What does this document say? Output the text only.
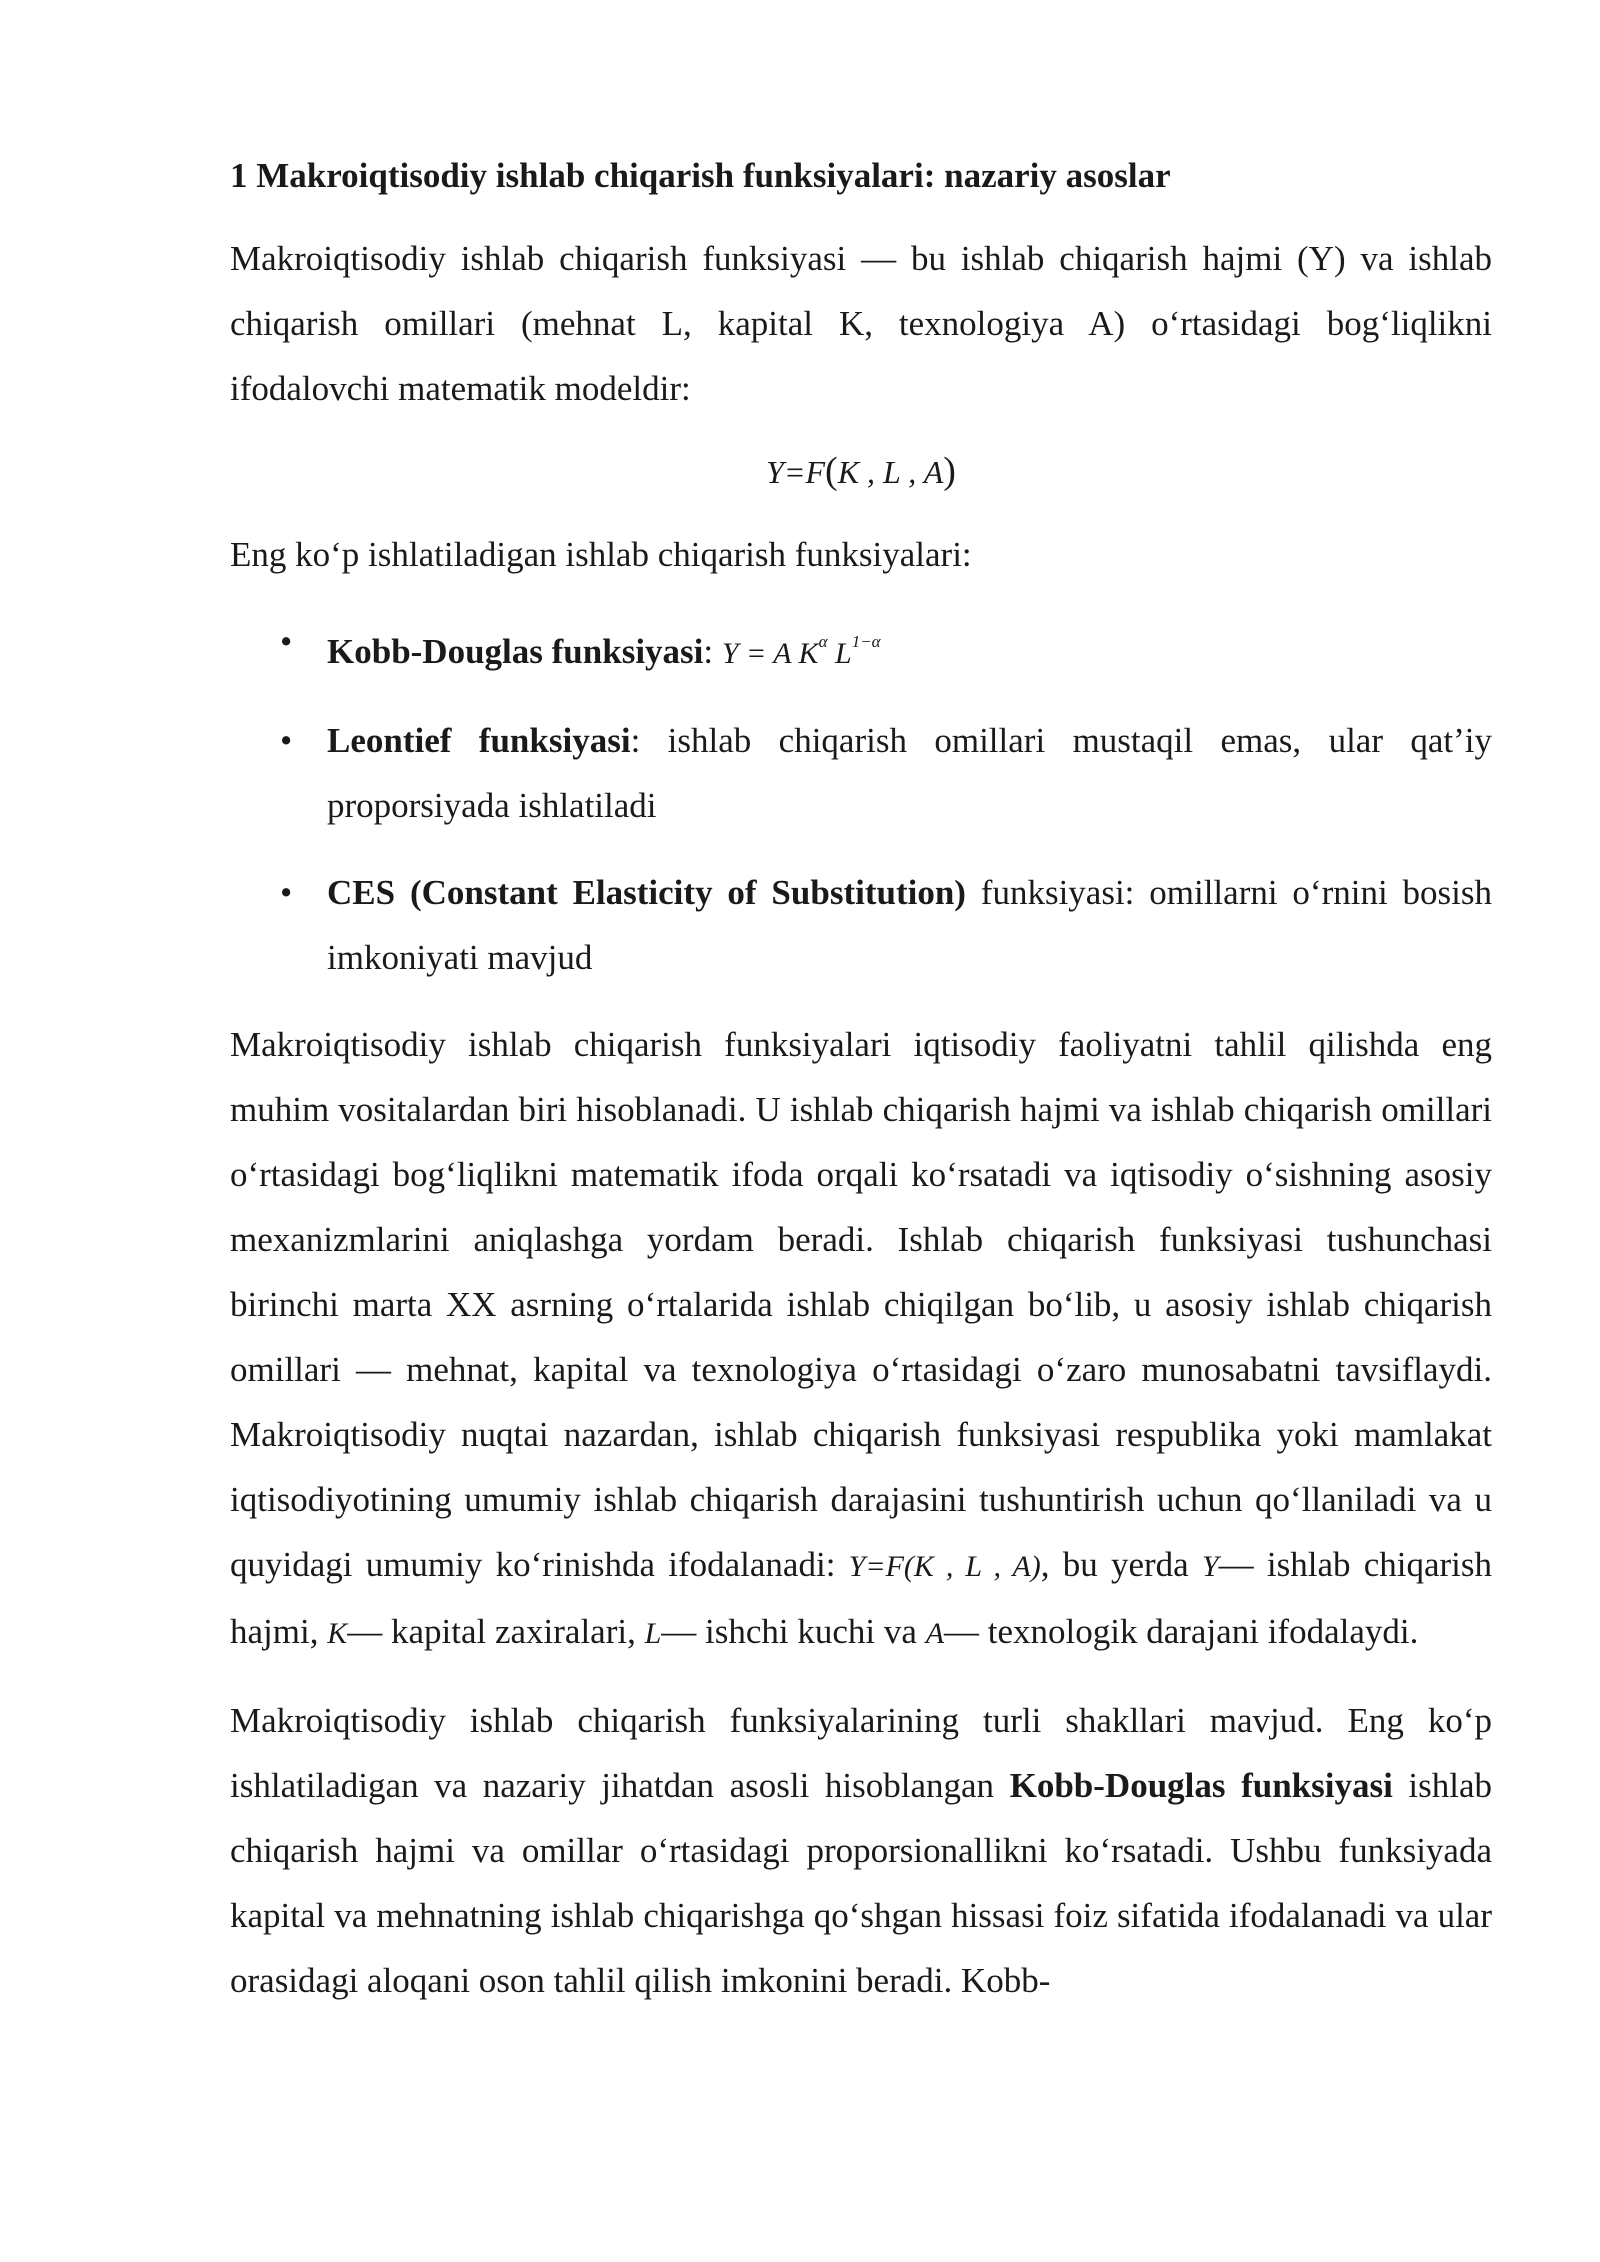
1 Makroiqtisodiy ishlab chiqarish funksiyalari: nazariy asoslar

Makroiqtisodiy ishlab chiqarish funksiyasi — bu ishlab chiqarish hajmi (Y) va ishlab chiqarish omillari (mehnat L, kapital K, texnologiya A) o‘rtasidagi bog‘liqlikni ifodalovchi matematik modeldir:

Y=F(K , L , A)

Eng ko‘p ishlatiladigan ishlab chiqarish funksiyalari:

• Kobb-Douglas funksiyasi: Y = A $K^\alpha$ $L^{1-\alpha}$
• Leontief funksiyasi: ishlab chiqarish omillari mustaqil emas, ular qat’iy proporsiyada ishlatiladi
• CES (Constant Elasticity of Substitution) funksiyasi: omillarni o‘rnini bosish imkoniyati mavjud

Makroiqtisodiy ishlab chiqarish funksiyalari iqtisodiy faoliyatni tahlil qilishda eng muhim vositalardan biri hisoblanadi. U ishlab chiqarish hajmi va ishlab chiqarish omillari o‘rtasidagi bog‘liqlikni matematik ifoda orqali ko‘rsatadi va iqtisodiy o‘sishning asosiy mexanizmlarini aniqlashga yordam beradi. Ishlab chiqarish funksiyasi tushunchasi birinchi marta XX asrning o‘rtalarida ishlab chiqilgan bo‘lib, u asosiy ishlab chiqarish omillari — mehnat, kapital va texnologiya o‘rtasidagi o‘zaro munosabatni tavsiflaydi. Makroiqtisodiy nuqtai nazardan, ishlab chiqarish funksiyasi respublika yoki mamlakat iqtisodiyotining umumiy ishlab chiqarish darajasini tushuntirish uchun qo‘llaniladi va u quyidagi umumiy ko‘rinishda ifodalanadi: Y=F(K , L , A), bu yerda Y— ishlab chiqarish hajmi, K— kapital zaxiralari, L— ishchi kuchi va A— texnologik darajani ifodalaydi.

Makroiqtisodiy ishlab chiqarish funksiyalarining turli shakllari mavjud. Eng ko‘p ishlatiladigan va nazariy jihatdan asosli hisoblangan Kobb-Douglas funksiyasi ishlab chiqarish hajmi va omillar o‘rtasidagi proporsionallikni ko‘rsatadi. Ushbu funksiyada kapital va mehnatning ishlab chiqarishga qo‘shgan hissasi foiz sifatida ifodalanadi va ular orasidagi aloqani oson tahlil qilish imkonini beradi. Kobb-
